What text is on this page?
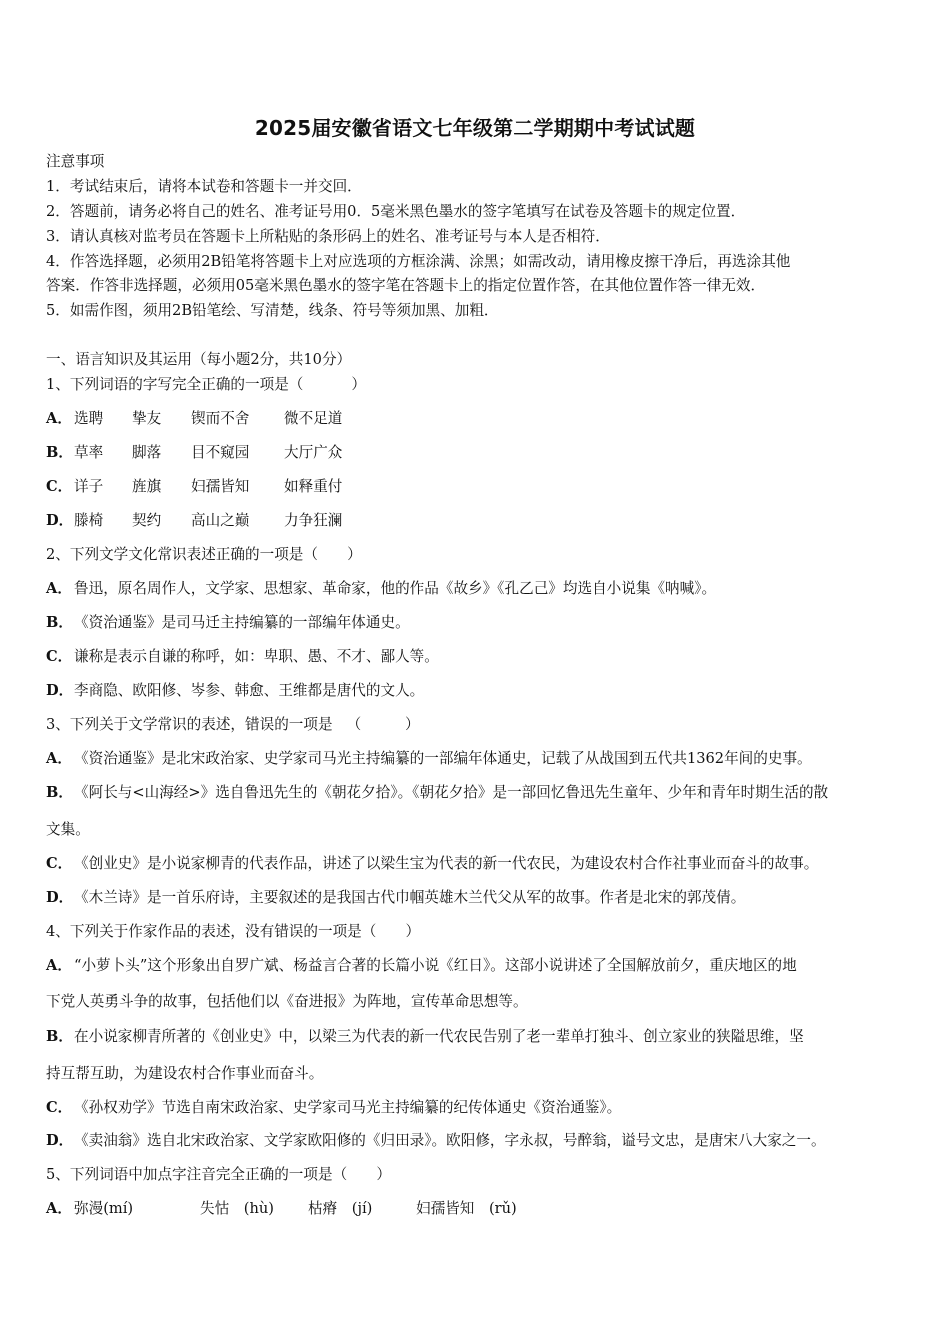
2025届安徽省语文七年级第二学期期中考试试题
注意事项
1．考试结束后，请将本试卷和答题卡一并交回．
2．答题前，请务必将自己的姓名、准考证号用0．5毫米黑色墨水的签字笔填写在试卷及答题卡的规定位置．
3．请认真核对监考员在答题卡上所粘贴的条形码上的姓名、准考证号与本人是否相符．
4．作答选择题，必须用2B铅笔将答题卡上对应选项的方框涂满、涂黑；如需改动，请用橡皮擦干净后，再选涂其他
答案．作答非选择题，必须用05毫米黑色墨水的签字笔在答题卡上的指定位置作答，在其他位置作答一律无效．
5．如需作图，须用2B铅笔绘、写清楚，线条、符号等须加黑、加粗．
一、语言知识及其运用（每小题2分，共10分）
1、下列词语的字写完全正确的一项是（	）
A． 选聘 挚友 锲而不舍 微不足道
B．草率 脚落 目不窥园 大厅广众
C． 详子 旌旗 妇孺皆知 如释重付
D．滕椅 契约 高山之巅 力争狂澜
2、下列文学文化常识表述正确的一项是（　　）
A． 鲁迅，原名周作人，文学家、思想家、革命家，他的作品《故乡》《孔乙己》均选自小说集《呐喊》。
B．《资治通鉴》是司马迁主持编纂的一部编年体通史。
C． 谦称是表示自谦的称呼，如：卑职、愚、不才、鄙人等。
D．李商隐、欧阳修、岑参、韩愈、王维都是唐代的文人。
3、下列关于文学常识的表述，错误的一项是 （　　　）
A． 《资治通鉴》是北宋政治家、史学家司马光主持编纂的一部编年体通史，记载了从战国到五代共1362年间的史事。
B．《阿长与<山海经>》选自鲁迅先生的《朝花夕拾》。《朝花夕拾》是一部回忆鲁迅先生童年、少年和青年时期生活的散
文集。
C． 《创业史》是小说家柳青的代表作品，讲述了以梁生宝为代表的新一代农民，为建设农村合作社事业而奋斗的故事。
D．《木兰诗》是一首乐府诗，主要叙述的是我国古代巾帼英雄木兰代父从军的故事。作者是北宋的郭茂倩。
4、下列关于作家作品的表述，没有错误的一项是（　　）
A． “小萝卜头”这个形象出自罗广斌、杨益言合著的长篇小说《红日》。这部小说讲述了全国解放前夕，重庆地区的地
下党人英勇斗争的故事，包括他们以《奋进报》为阵地，宣传革命思想等。
B．在小说家柳青所著的《创业史》中，以梁三为代表的新一代农民告别了老一辈单打独斗、创立家业的狭隘思维，坚
持互帮互助，为建设农村合作事业而奋斗。
C． 《孙权劝学》节选自南宋政治家、史学家司马光主持编纂的纪传体通史《资治通鉴》。
D．《卖油翁》选自北宋政治家、文学家欧阳修的《归田录》。欧阳修，字永叔，号醉翁，谥号文忠，是唐宋八大家之一。
5、下列词语中加点字注音完全正确的一项是（　　）
A． 弥漫(mí)	失怙　(hù) 枯瘠　(jí)	妇孺皆知　(rǔ)
